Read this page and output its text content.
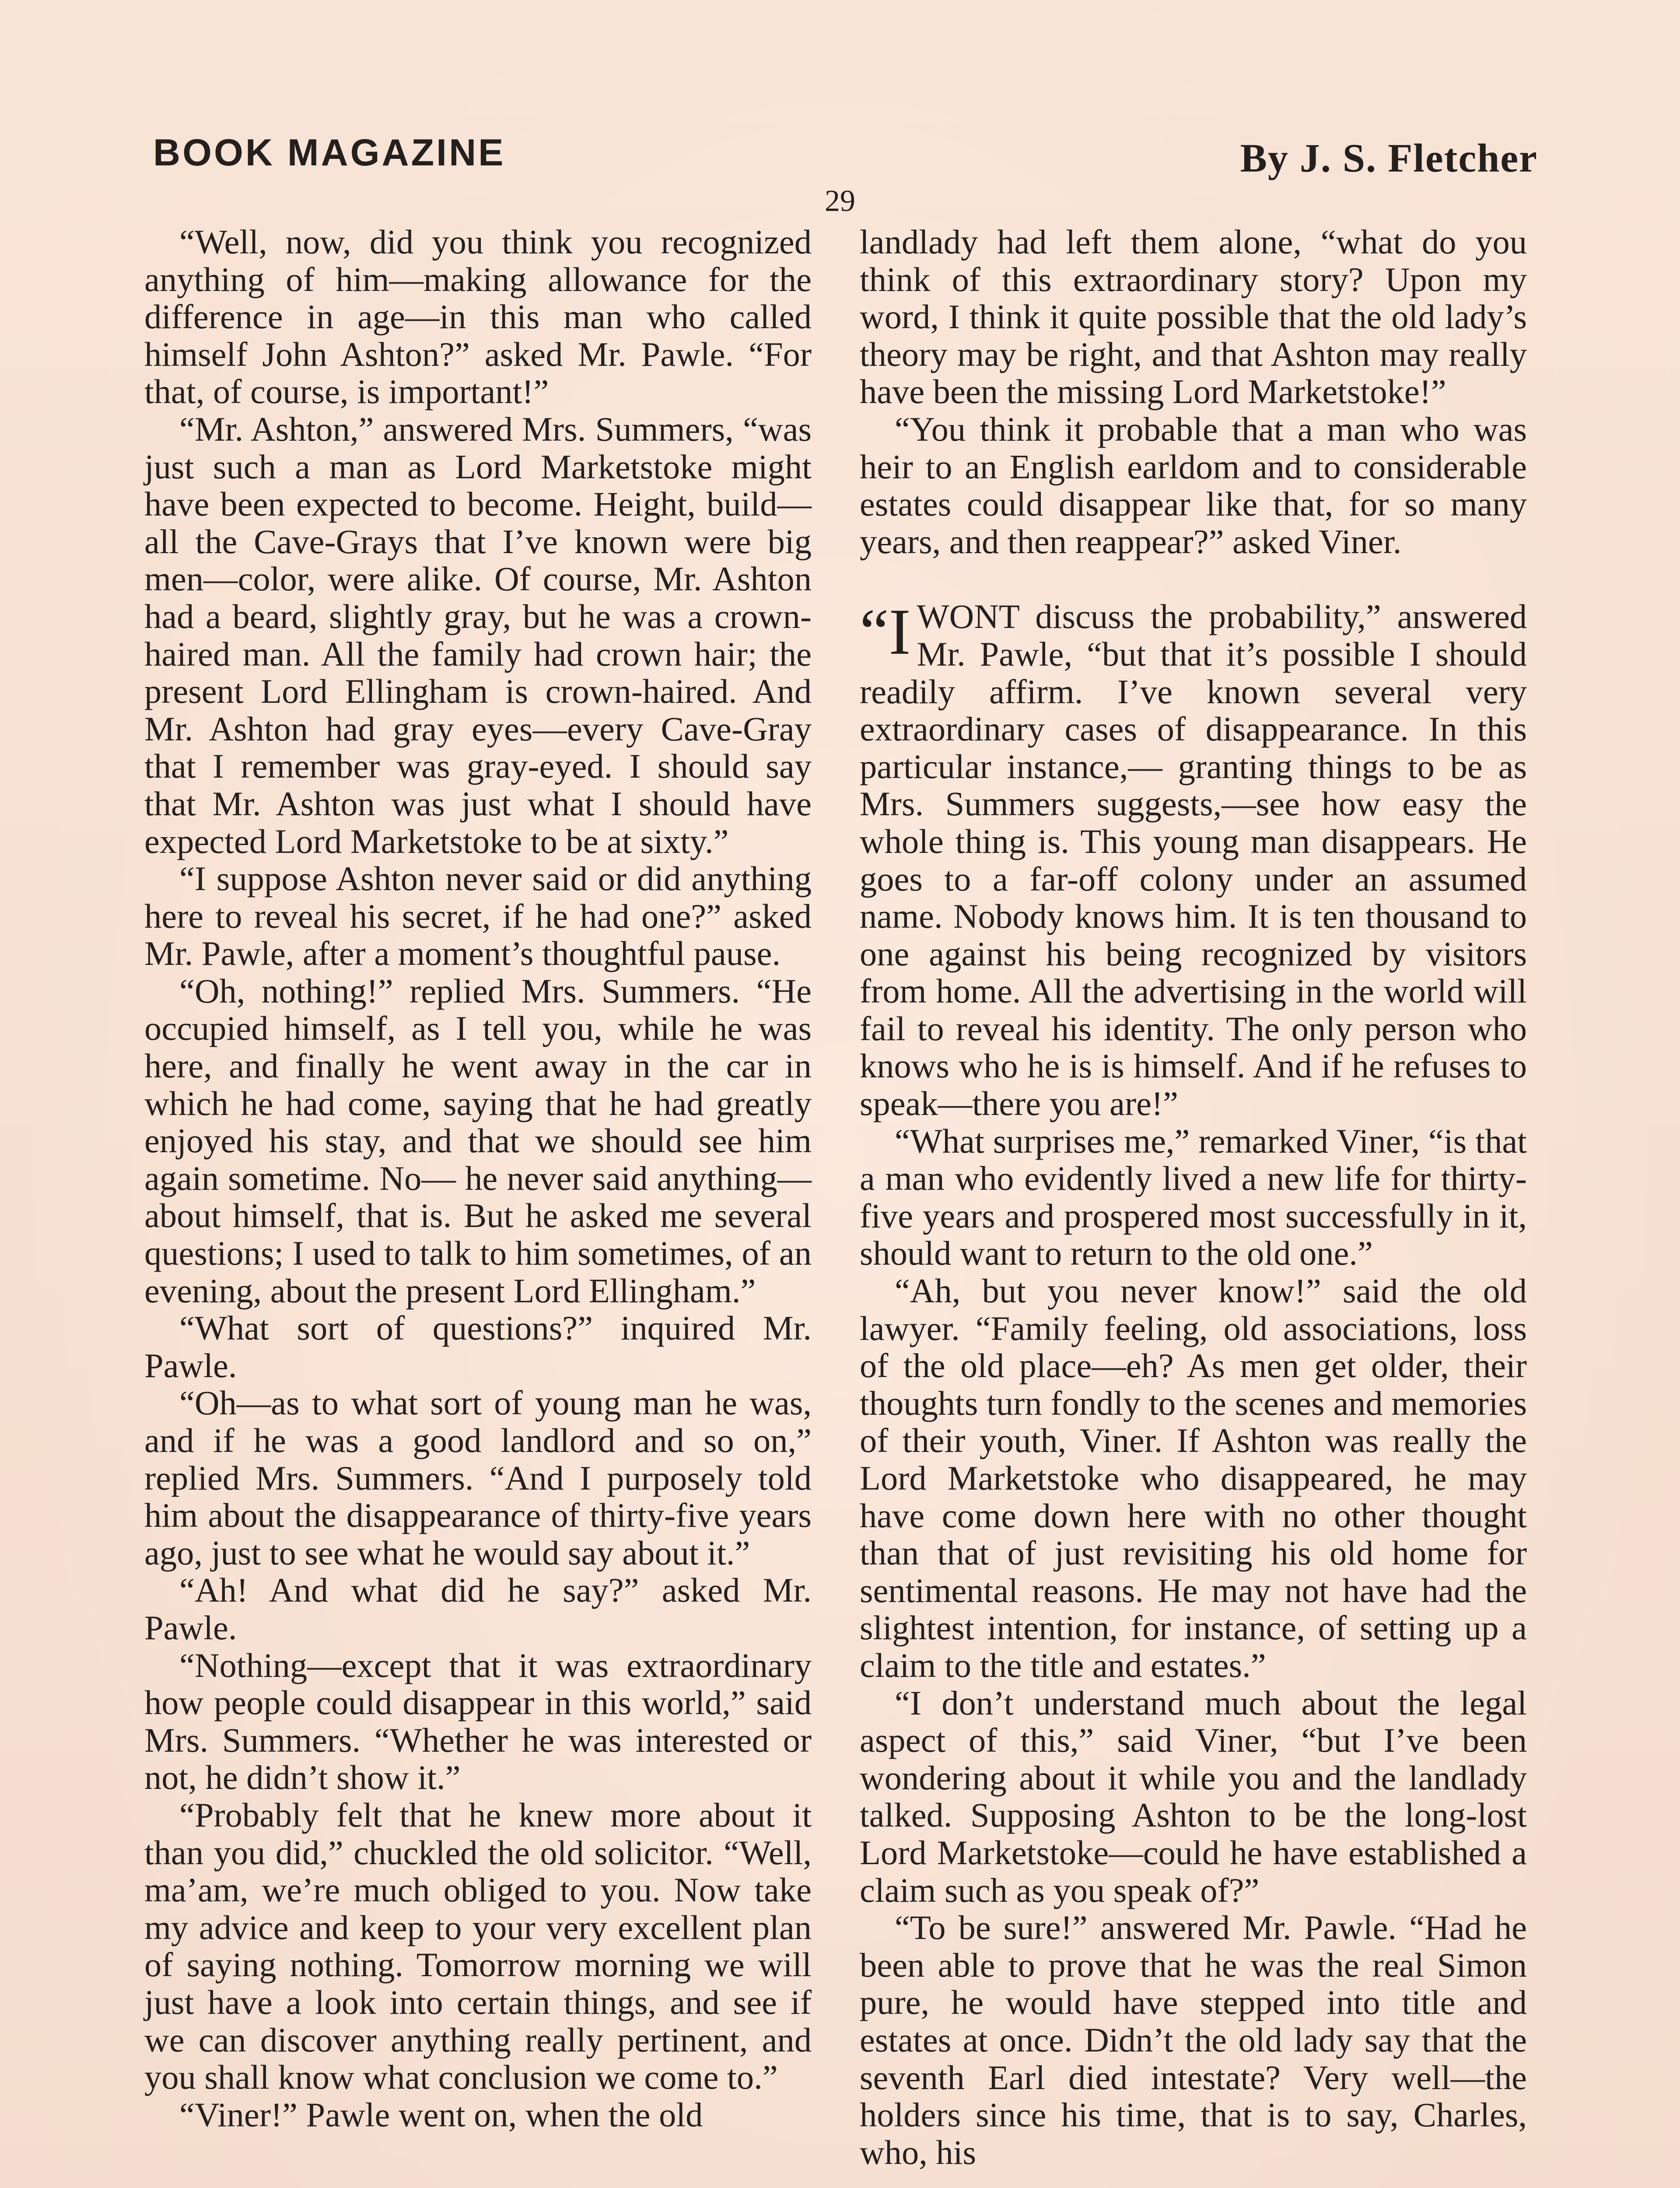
BOOK MAGAZINE	By J. S. Fletcher
29

“Well, now, did you think you recognized anything of him—making allowance for the difference in age—in this man who called himself John Ashton?” asked Mr. Pawle. “For that, of course, is important!”

“Mr. Ashton,” answered Mrs. Summers, “was just such a man as Lord Marketstoke might have been expected to become. Height, build—all the Cave-Grays that I’ve known were big men—color, were alike. Of course, Mr. Ashton had a beard, slightly gray, but he was a crown-haired man. All the family had crown hair; the present Lord Ellingham is crown-haired. And Mr. Ashton had gray eyes—every Cave-Gray that I remember was gray-eyed. I should say that Mr. Ashton was just what I should have expected Lord Marketstoke to be at sixty.”

“I suppose Ashton never said or did anything here to reveal his secret, if he had one?” asked Mr. Pawle, after a moment’s thoughtful pause.

“Oh, nothing!” replied Mrs. Summers. “He occupied himself, as I tell you, while he was here, and finally he went away in the car in which he had come, saying that he had greatly enjoyed his stay, and that we should see him again sometime. No— he never said anything—about himself, that is. But he asked me several questions; I used to talk to him sometimes, of an evening, about the present Lord Ellingham.”

“What sort of questions?” inquired Mr. Pawle.

“Oh—as to what sort of young man he was, and if he was a good landlord and so on,” replied Mrs. Summers. “And I purposely told him about the disappearance of thirty-five years ago, just to see what he would say about it.”

“Ah! And what did he say?” asked Mr. Pawle.

“Nothing—except that it was extraordinary how people could disappear in this world,” said Mrs. Summers. “Whether he was interested or not, he didn’t show it.”

“Probably felt that he knew more about it than you did,” chuckled the old solicitor. “Well, ma’am, we’re much obliged to you. Now take my advice and keep to your very excellent plan of saying nothing. Tomorrow morning we will just have a look into certain things, and see if we can discover anything really pertinent, and you shall know what conclusion we come to.”

“Viner!” Pawle went on, when the old

landlady had left them alone, “what do you think of this extraordinary story? Upon my word, I think it quite possible that the old lady’s theory may be right, and that Ashton may really have been the missing Lord Marketstoke!”

“You think it probable that a man who was heir to an English earldom and to considerable estates could disappear like that, for so many years, and then reappear?” asked Viner.

“I WONT discuss the probability,” answered Mr. Pawle, “but that it’s possible I should readily affirm. I’ve known several very extraordinary cases of disappearance. In this particular instance,— granting things to be as Mrs. Summers suggests,—see how easy the whole thing is. This young man disappears. He goes to a far-off colony under an assumed name. Nobody knows him. It is ten thousand to one against his being recognized by visitors from home. All the advertising in the world will fail to reveal his identity. The only person who knows who he is is himself. And if he refuses to speak—there you are!”

“What surprises me,” remarked Viner, “is that a man who evidently lived a new life for thirty-five years and prospered most successfully in it, should want to return to the old one.”

“Ah, but you never know!” said the old lawyer. “Family feeling, old associations, loss of the old place—eh? As men get older, their thoughts turn fondly to the scenes and memories of their youth, Viner. If Ashton was really the Lord Marketstoke who disappeared, he may have come down here with no other thought than that of just revisiting his old home for sentimental reasons. He may not have had the slightest intention, for instance, of setting up a claim to the title and estates.”

“I don’t understand much about the legal aspect of this,” said Viner, “but I’ve been wondering about it while you and the landlady talked. Supposing Ashton to be the long-lost Lord Marketstoke—could he have established a claim such as you speak of?”

“To be sure!” answered Mr. Pawle. “Had he been able to prove that he was the real Simon pure, he would have stepped into title and estates at once. Didn’t the old lady say that the seventh Earl died intestate? Very well—the holders since his time, that is to say, Charles, who, his
